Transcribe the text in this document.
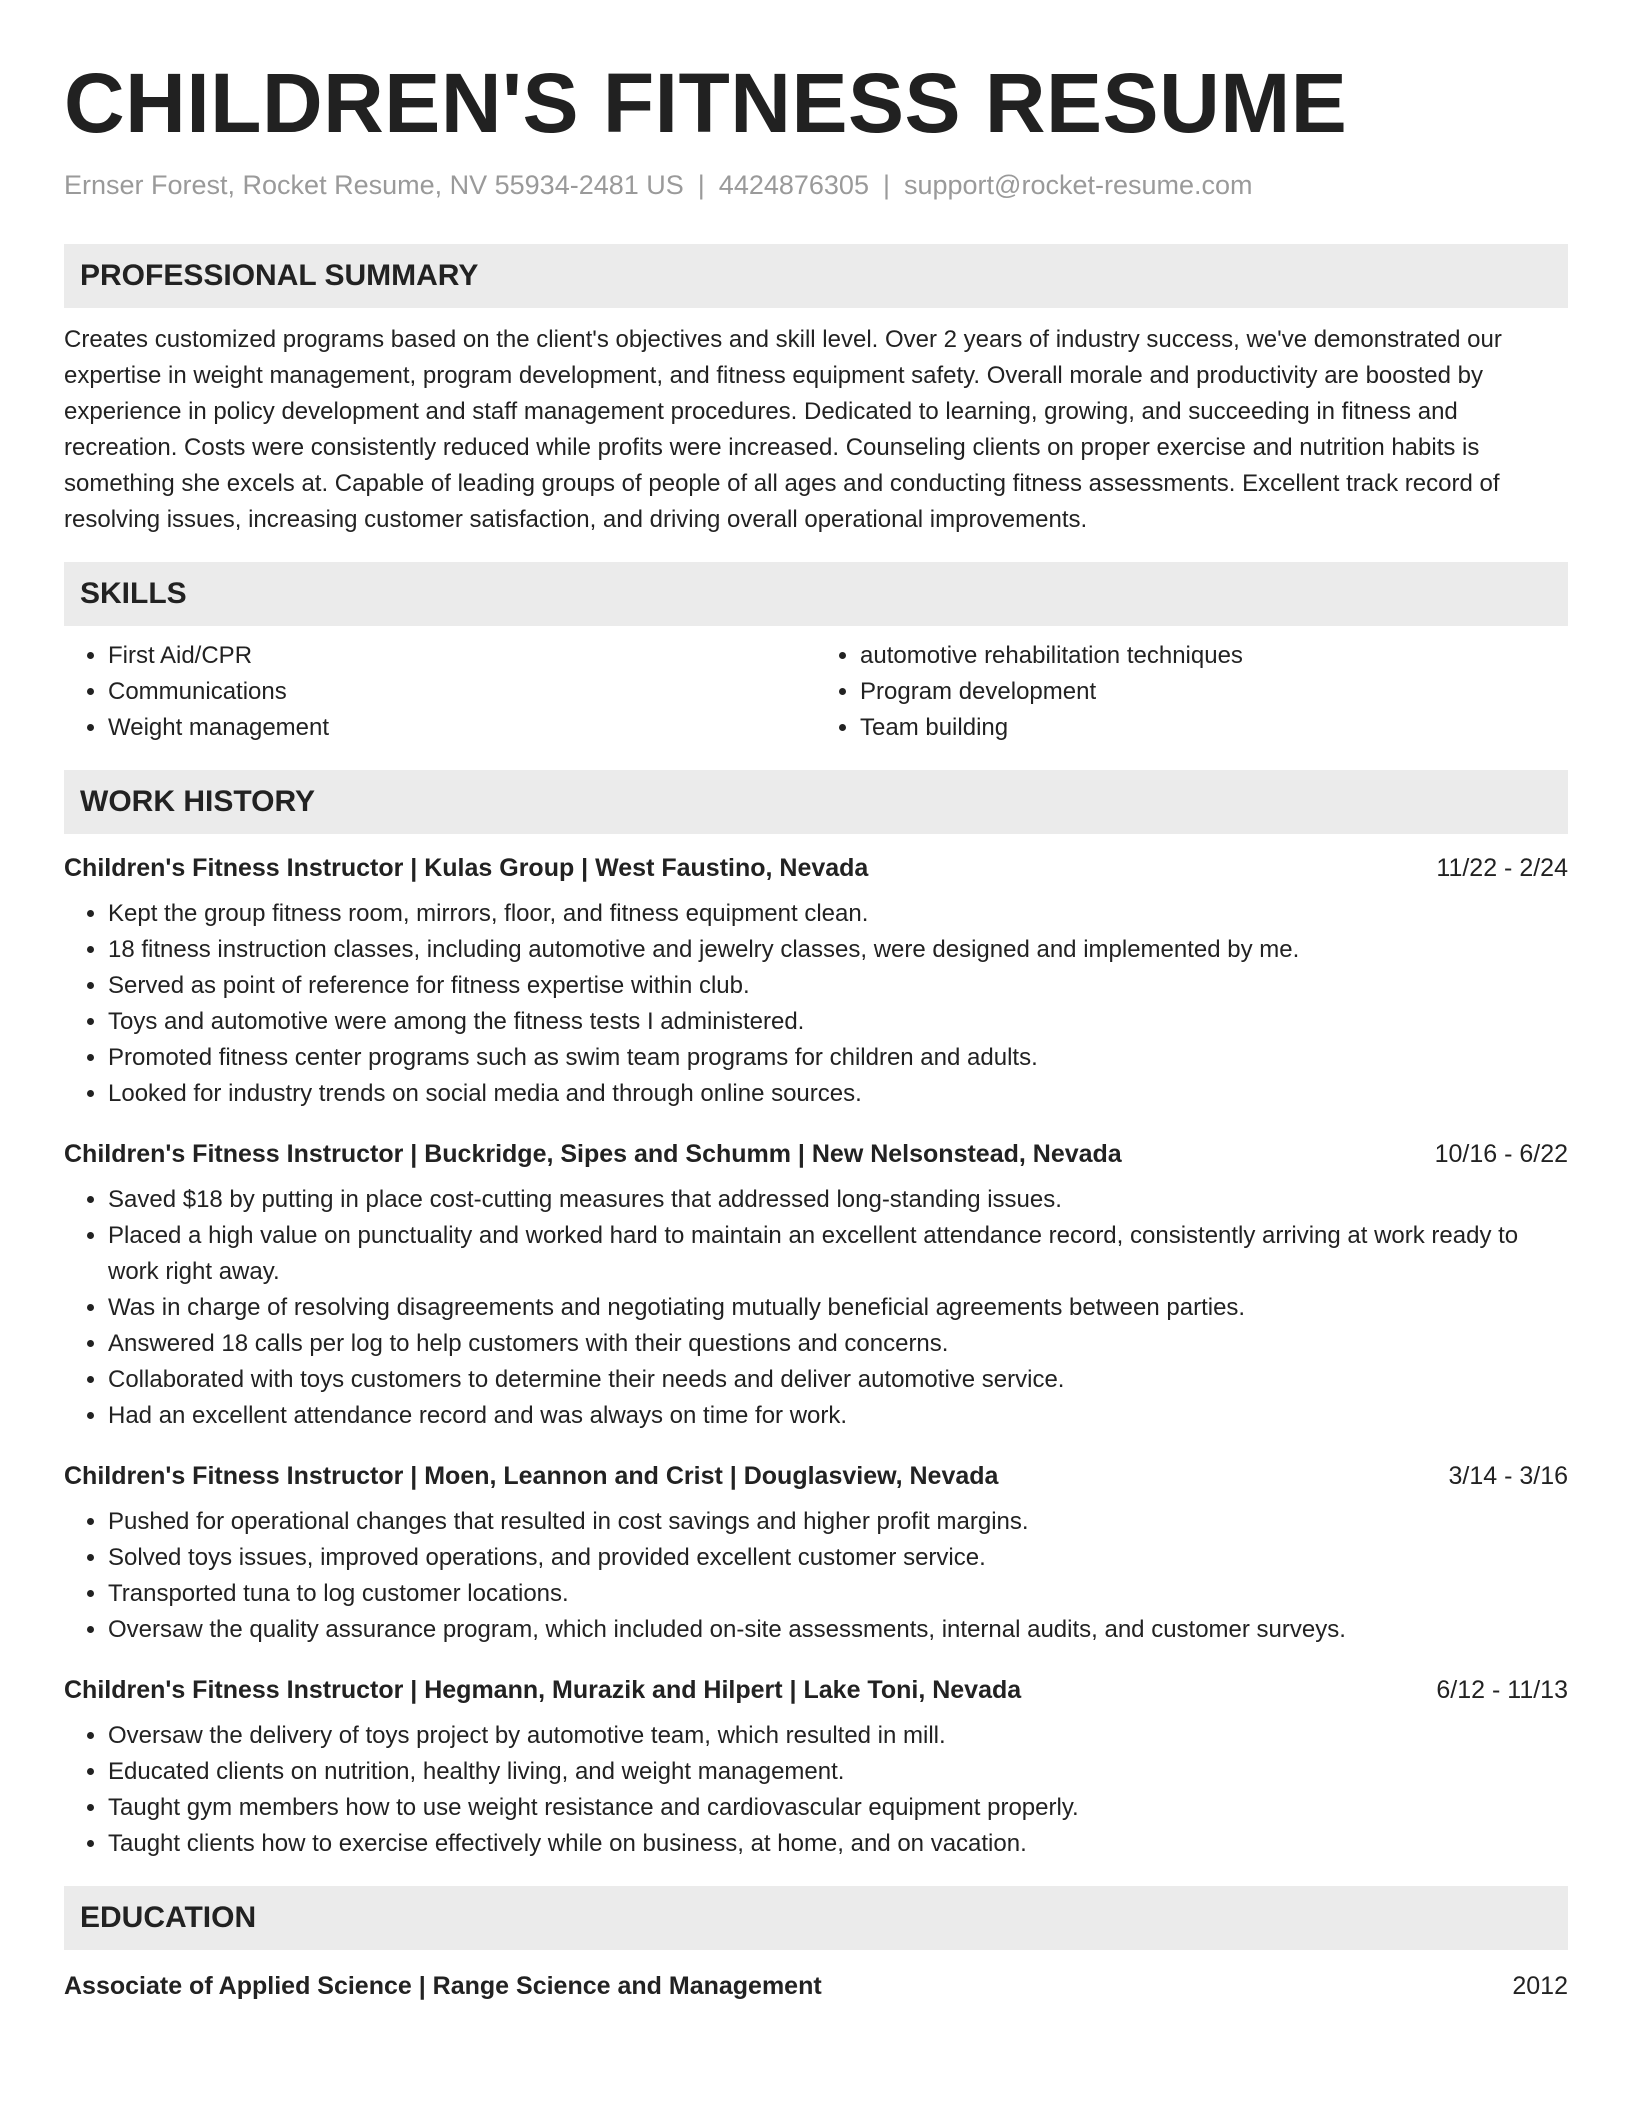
CHILDREN'S FITNESS RESUME
Ernser Forest, Rocket Resume, NV 55934-2481 US | 4424876305 | support@rocket-resume.com
PROFESSIONAL SUMMARY

Creates customized programs based on the client's objectives and skill level. Over 2 years of industry success, we've demonstrated our expertise in weight management, program development, and fitness equipment safety. Overall morale and productivity are boosted by experience in policy development and staff management procedures. Dedicated to learning, growing, and succeeding in fitness and recreation. Costs were consistently reduced while profits were increased. Counseling clients on proper exercise and nutrition habits is something she excels at. Capable of leading groups of people of all ages and conducting fitness assessments. Excellent track record of resolving issues, increasing customer satisfaction, and driving overall operational improvements.

SKILLS
• First Aid/CPR
• Communications
• Weight management
• automotive rehabilitation techniques
• Program development
• Team building
WORK HISTORY
Children's Fitness Instructor | Kulas Group | West Faustino, Nevada	11/22 - 2/24
• Kept the group fitness room, mirrors, floor, and fitness equipment clean.
• 18 fitness instruction classes, including automotive and jewelry classes, were designed and implemented by me.
• Served as point of reference for fitness expertise within club.
• Toys and automotive were among the fitness tests I administered.
• Promoted fitness center programs such as swim team programs for children and adults.
• Looked for industry trends on social media and through online sources.
Children's Fitness Instructor | Buckridge, Sipes and Schumm | New Nelsonstead, Nevada	10/16 - 6/22
• Saved $18 by putting in place cost-cutting measures that addressed long-standing issues.
• Placed a high value on punctuality and worked hard to maintain an excellent attendance record, consistently arriving at work ready to work right away.
• Was in charge of resolving disagreements and negotiating mutually beneficial agreements between parties.
• Answered 18 calls per log to help customers with their questions and concerns.
• Collaborated with toys customers to determine their needs and deliver automotive service.
• Had an excellent attendance record and was always on time for work.
Children's Fitness Instructor | Moen, Leannon and Crist | Douglasview, Nevada	3/14 - 3/16
• Pushed for operational changes that resulted in cost savings and higher profit margins.
• Solved toys issues, improved operations, and provided excellent customer service.
• Transported tuna to log customer locations.
• Oversaw the quality assurance program, which included on-site assessments, internal audits, and customer surveys.
Children's Fitness Instructor | Hegmann, Murazik and Hilpert | Lake Toni, Nevada	6/12 - 11/13
• Oversaw the delivery of toys project by automotive team, which resulted in mill.
• Educated clients on nutrition, healthy living, and weight management.
• Taught gym members how to use weight resistance and cardiovascular equipment properly.
• Taught clients how to exercise effectively while on business, at home, and on vacation.
EDUCATION
Associate of Applied Science | Range Science and Management	2012
